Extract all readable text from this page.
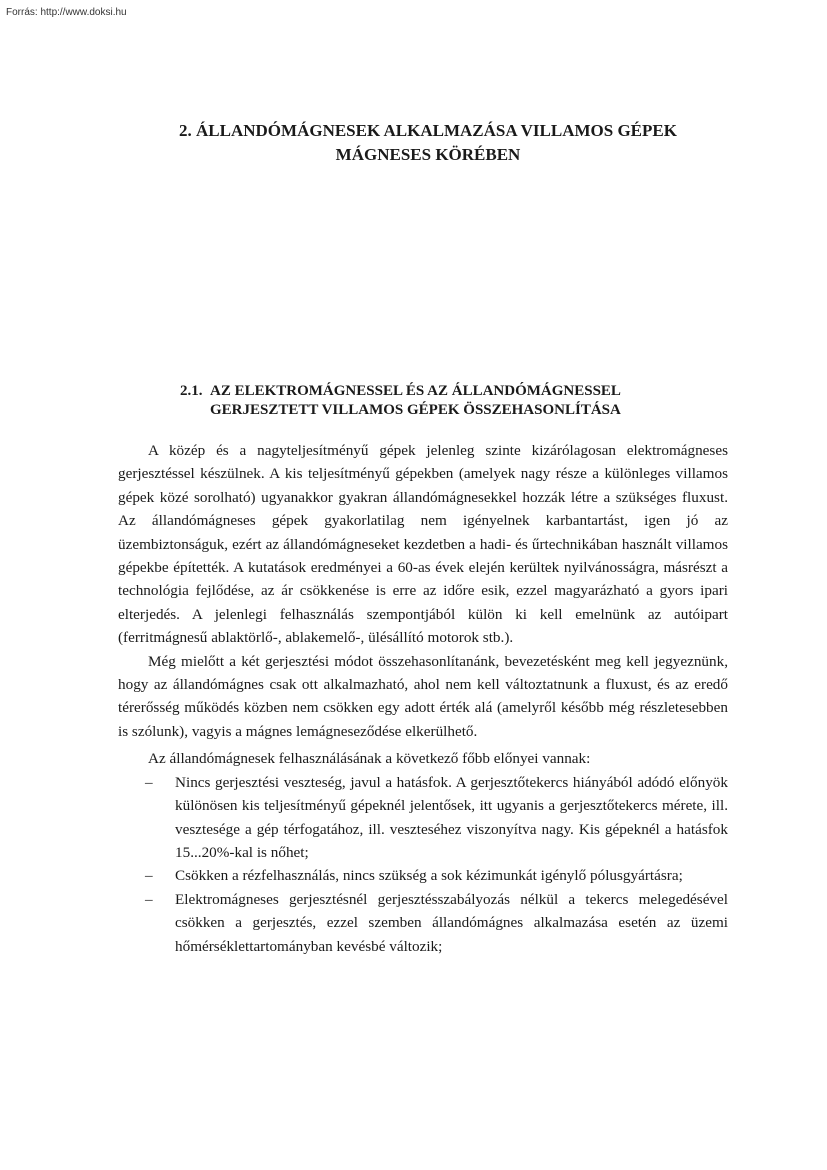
Forrás: http://www.doksi.hu
2. ÁLLANDÓMÁGNESEK ALKALMAZÁSA VILLAMOS GÉPEK
MÁGNESES KÖRÉBEN
2.1. AZ ELEKTROMÁGNESSEL ÉS AZ ÁLLANDÓMÁGNESSEL
GERJESZTETT VILLAMOS GÉPEK ÖSSZEHASONLÍTÁSA

A közép és a nagyteljesítményű gépek jelenleg szinte kizárólagosan elektromágneses gerjesztéssel készülnek. A kis teljesítményű gépekben (amelyek nagy része a különleges villamos gépek közé sorolható) ugyanakkor gyakran állandómágnesekkel hozzák létre a szükséges fluxust. Az állandómágneses gépek gyakorlatilag nem igényelnek karbantartást, igen jó az üzembiztonságuk, ezért az állandómágneseket kezdetben a hadi- és űrtechnikában használt villamos gépekbe építették. A kutatások eredményei a 60-as évek elején kerültek nyilvánosságra, másrészt a technológia fejlődése, az ár csökkenése is erre az időre esik, ezzel magyarázható a gyors ipari elterjedés. A jelenlegi felhasználás szempontjából külön ki kell emelnünk az autóipart (ferritmágnesű ablaktörlő-, ablakemelő-, ülésállító motorok stb.).

Még mielőtt a két gerjesztési módot összehasonlítanánk, bevezetésként meg kell jegyeznünk, hogy az állandómágnes csak ott alkalmazható, ahol nem kell változtatnunk a fluxust, és az eredő térerősség működés közben nem csökken egy adott érték alá (amelyről később még részletesebben is szólunk), vagyis a mágnes lemágneseződése elkerülhető.

Az állandómágnesek felhasználásának a következő főbb előnyei vannak:

– Nincs gerjesztési veszteség, javul a hatásfok. A gerjesztőtekercs hiányából adódó előnyök különösen kis teljesítményű gépeknél jelentősek, itt ugyanis a gerjesztőtekercs mérete, ill. vesztesége a gép térfogatához, ill. veszteséhez viszonyítva nagy. Kis gépeknél a hatásfok 15...20%-kal is nőhet;
– Csökken a rézfelhasználás, nincs szükség a sok kézimunkát igénylő pólusgyártásra;
– Elektromágneses gerjesztésnél gerjesztésszabályozás nélkül a tekercs melegedésével csökken a gerjesztés, ezzel szemben állandómágnes alkalmazása esetén az üzemi hőmérséklettartományban kevésbé változik;
